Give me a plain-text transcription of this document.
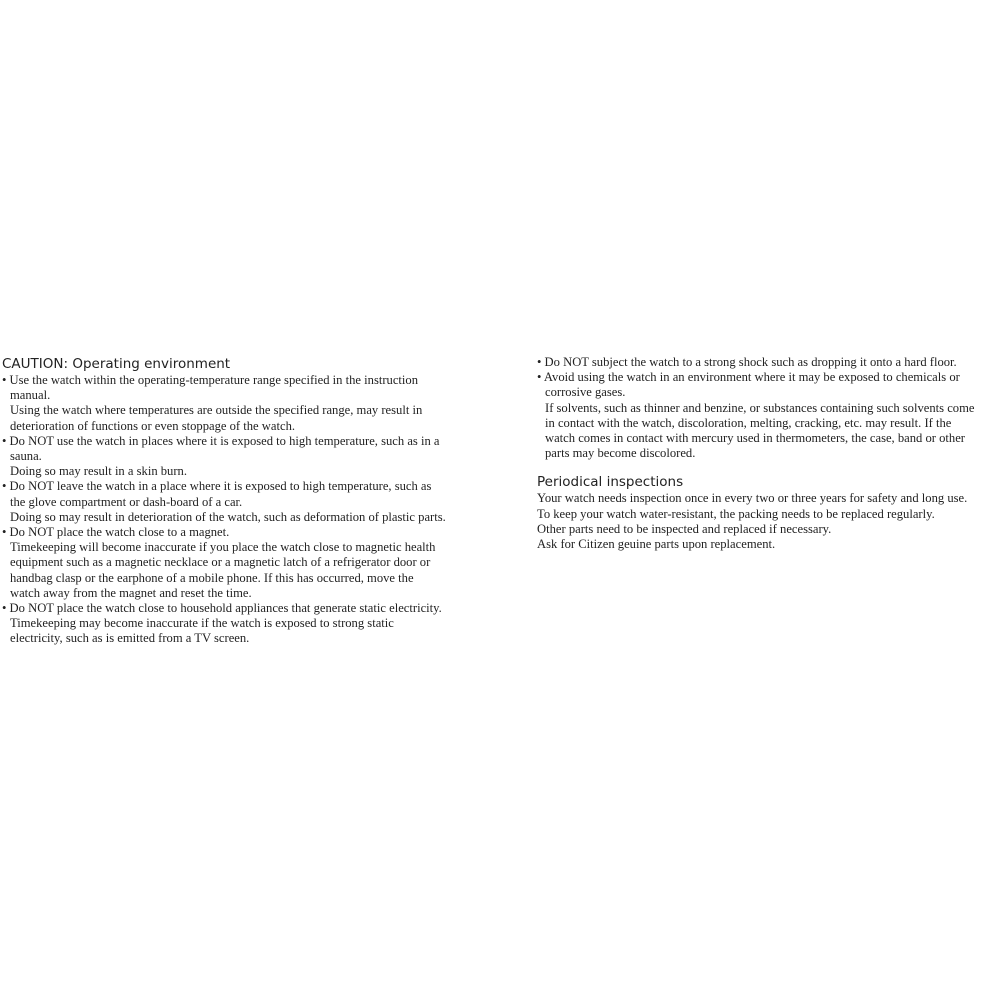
CAUTION: Operating environment
• Use the watch within the operating-temperature range specified in the instruction
manual.
Using the watch where temperatures are outside the specified range, may result in
deterioration of functions or even stoppage of the watch.
• Do NOT use the watch in places where it is exposed to high temperature, such as in a
sauna.
Doing so may result in a skin burn.
• Do NOT leave the watch in a place where it is exposed to high temperature, such as
the glove compartment or dash-board of a car.
Doing so may result in deterioration of the watch, such as deformation of plastic parts.
• Do NOT place the watch close to a magnet.
Timekeeping will become inaccurate if you place the watch close to magnetic health
equipment such as a magnetic necklace or a magnetic latch of a refrigerator door or
handbag clasp or the earphone of a mobile phone. If this has occurred, move the
watch away from the magnet and reset the time.
• Do NOT place the watch close to household appliances that generate static electricity.
Timekeeping may become inaccurate if the watch is exposed to strong static
electricity, such as is emitted from a TV screen.
• Do NOT subject the watch to a strong shock such as dropping it onto a hard floor.
• Avoid using the watch in an environment where it may be exposed to chemicals or
corrosive gases.
If solvents, such as thinner and benzine, or substances containing such solvents come
in contact with the watch, discoloration, melting, cracking, etc. may result. If the
watch comes in contact with mercury used in thermometers, the case, band or other
parts may become discolored.
Periodical inspections
Your watch needs inspection once in every two or three years for safety and long use.
To keep your watch water-resistant, the packing needs to be replaced regularly.
Other parts need to be inspected and replaced if necessary.
Ask for Citizen geuine parts upon replacement.
